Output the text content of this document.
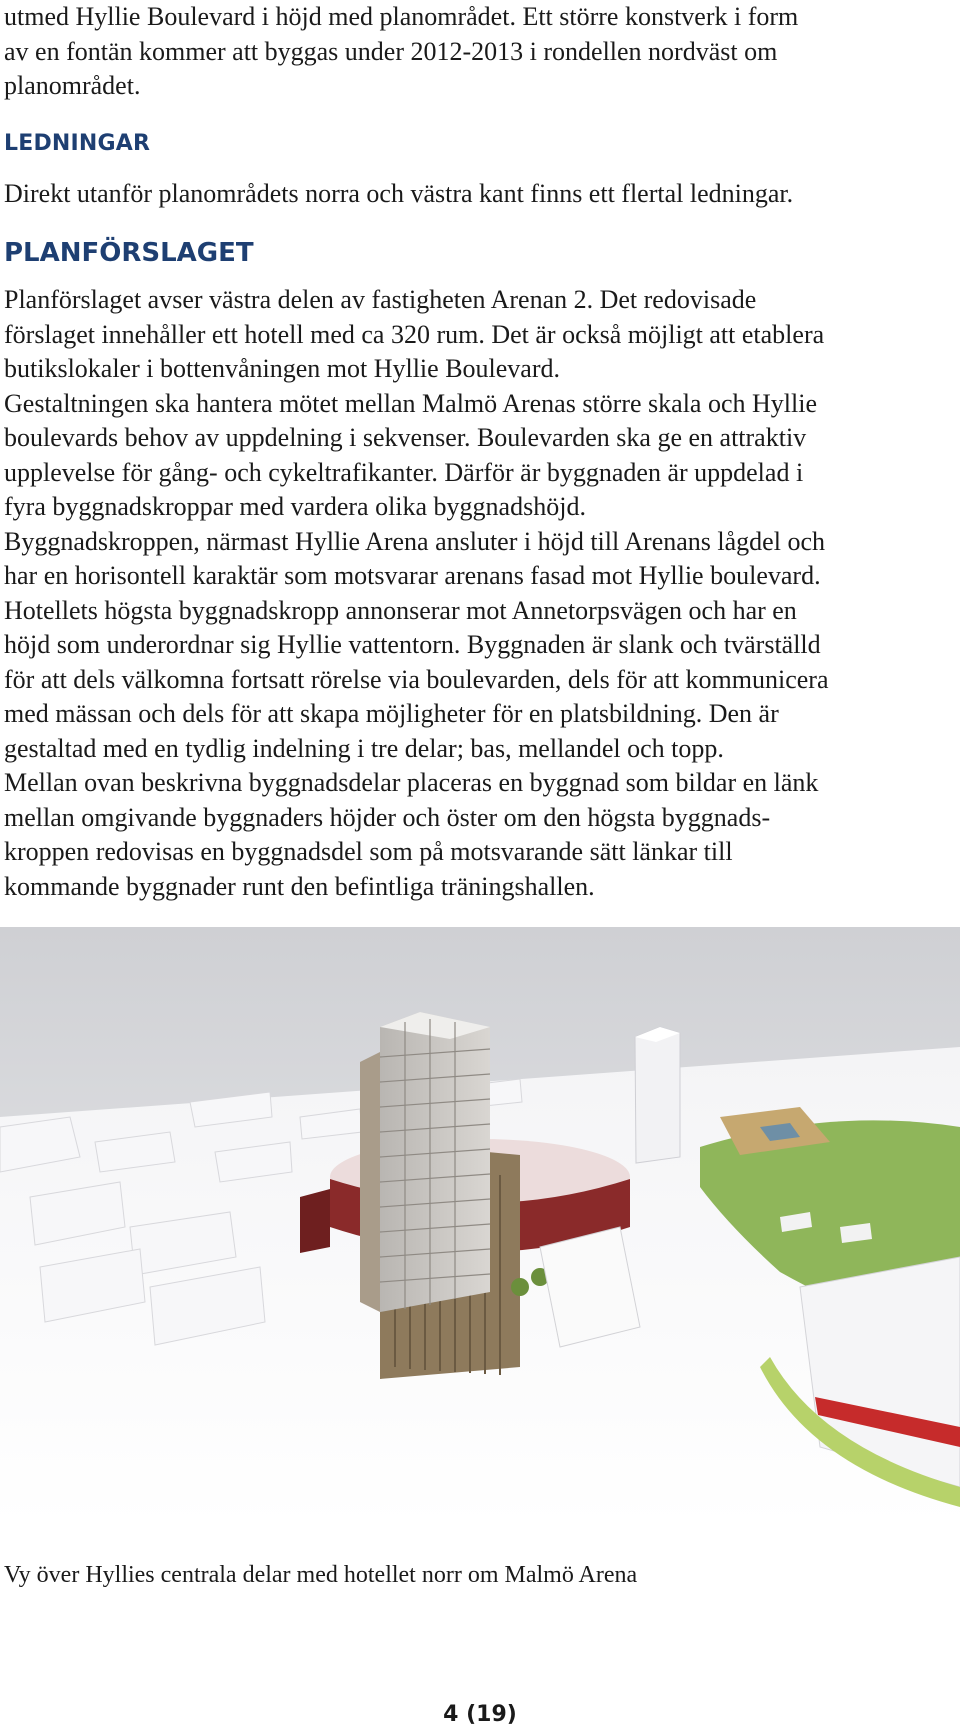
utmed Hyllie Boulevard i höjd med planområdet. Ett större konstverk i form

av en fontän kommer att byggas under 2012-2013 i rondellen nordväst om

planområdet.

LEDNINGAR

Direkt utanför planområdets norra och västra kant finns ett flertal ledningar.

PLANFÖRSLAGET

Planförslaget avser västra delen av fastigheten Arenan 2. Det redovisade

förslaget innehåller ett hotell med ca 320 rum. Det är också möjligt att etablera

butikslokaler i bottenvåningen mot Hyllie Boulevard.

Gestaltningen ska hantera mötet mellan Malmö Arenas större skala och Hyllie

boulevards behov av uppdelning i sekvenser. Boulevarden ska ge en attraktiv

upplevelse för gång- och cykeltrafikanter. Därför är byggnaden är uppdelad i

fyra byggnadskroppar med vardera olika byggnadshöjd.

Byggnadskroppen, närmast Hyllie Arena ansluter i höjd till Arenans lågdel och

har en horisontell karaktär som motsvarar arenans fasad mot Hyllie boulevard.

Hotellets högsta byggnadskropp annonserar mot Annetorpsvägen och har en

höjd som underordnar sig Hyllie vattentorn. Byggnaden är slank och tvärställd

för att dels välkomna fortsatt rörelse via boulevarden, dels för att kommunicera

med mässan och dels för att skapa möjligheter för en platsbildning. Den är

gestaltad med en tydlig indelning i tre delar; bas, mellandel och topp.

Mellan ovan beskrivna byggnadsdelar placeras en byggnad som bildar en länk

mellan omgivande byggnaders höjder och öster om den högsta byggnads-

kroppen redovisas en byggnadsdel som på motsvarande sätt länkar till

kommande byggnader runt den befintliga träningshallen.

Vy över Hyllies centrala delar med hotellet norr om Malmö Arena
4 (19)
